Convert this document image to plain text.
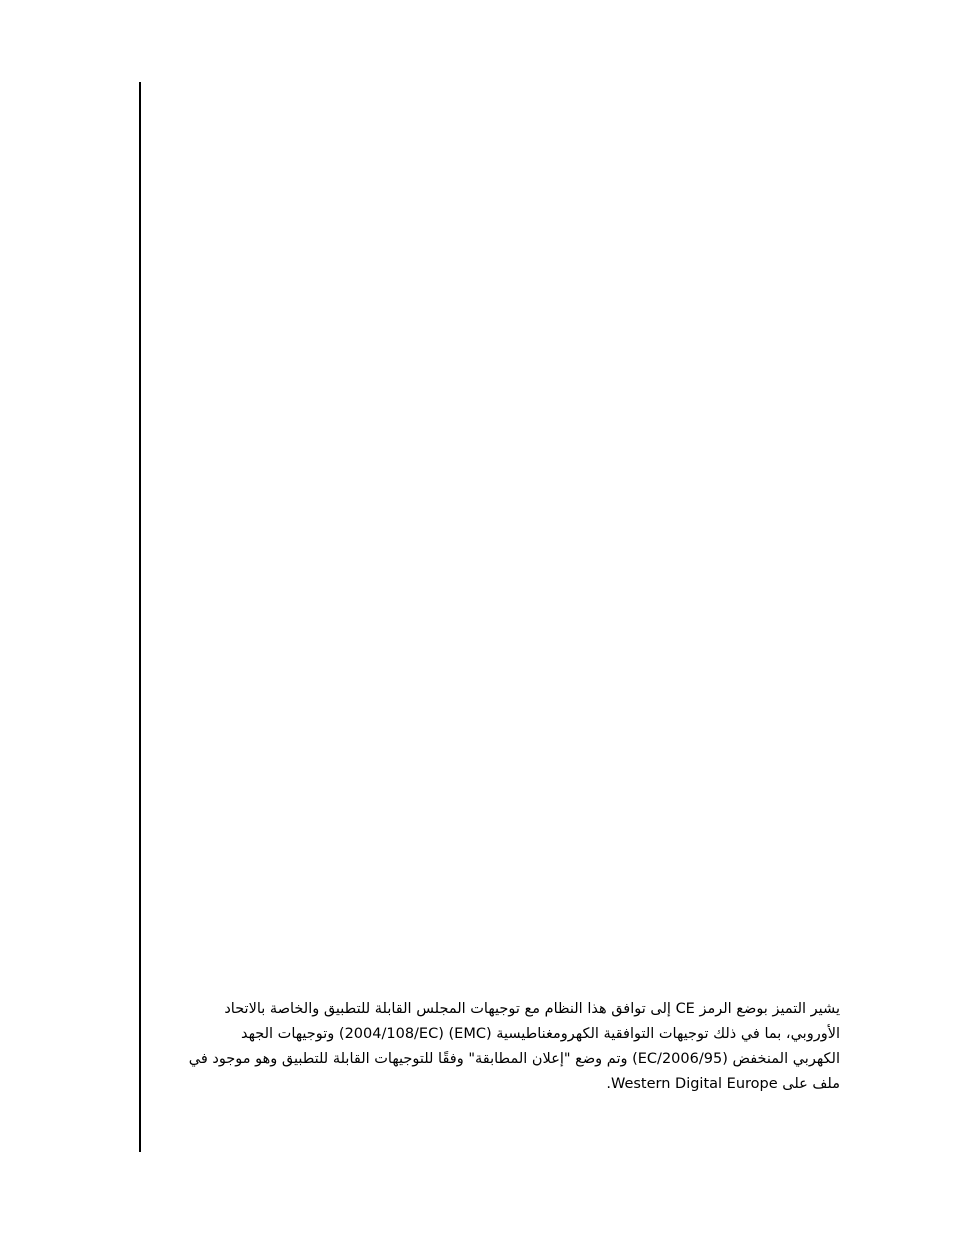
يشير التميز بوضع الرمز CE إلى توافق هذا النظام مع توجيهات المجلس القابلة للتطبيق والخاصة بالاتحاد
الأوروبي، بما في ذلك توجيهات التوافقية الكهرومغناطيسية (EMC) (2004/108/EC) وتوجيهات الجهد
الكهربي المنخفض (2006/95/EC) وتم وضع "إعلان المطابقة" وفقًا للتوجيهات القابلة للتطبيق وهو موجود في
ملف على Western Digital Europe.
